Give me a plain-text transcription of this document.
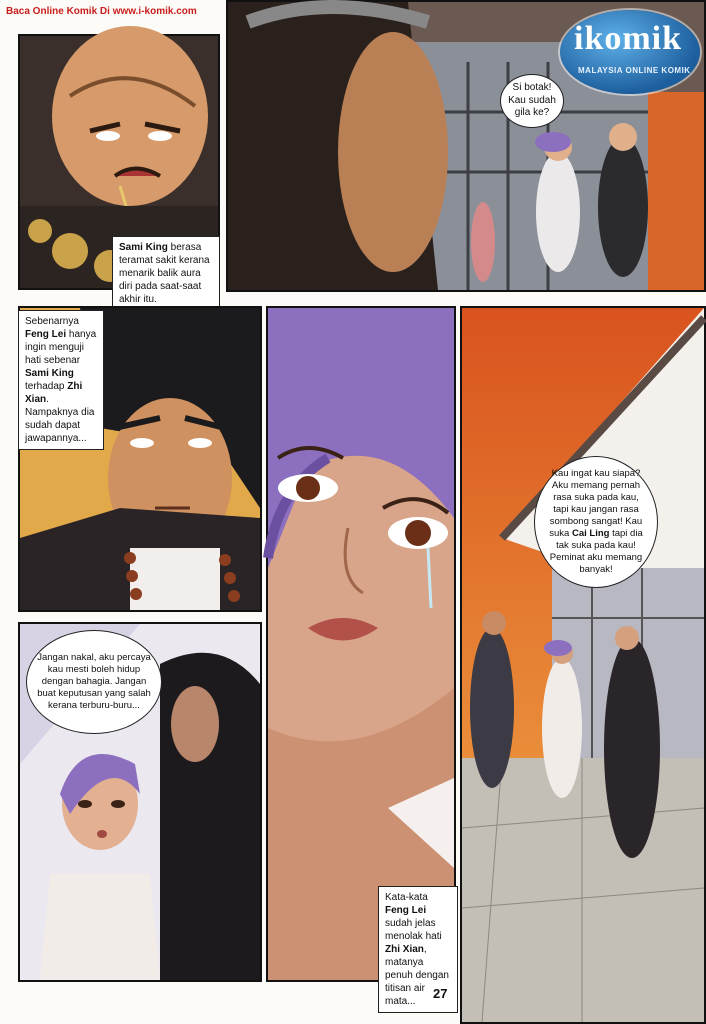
Baca Online Komik Di www.i-komik.com
Sami King berasa teramat sakit kerana menarik balik aura diri pada saat-saat akhir itu.
Si botak! Kau sudah gila ke?
ikomik
MALAYSIA ONLINE KOMIK
Sebenarnya Feng Lei hanya ingin menguji hati sebenar Sami King terhadap Zhi Xian. Nampaknya dia sudah dapat jawapannya...
Kata-kata Feng Lei sudah jelas menolak hati Zhi Xian, matanya penuh dengan titisan air mata...
Kau ingat kau siapa? Aku memang pernah rasa suka pada kau, tapi kau jangan rasa sombong sangat! Kau suka Cai Ling tapi dia tak suka pada kau! Peminat aku memang banyak!
Jangan nakal, aku percaya kau mesti boleh hidup dengan bahagia. Jangan buat keputusan yang salah kerana terburu-buru...
27
